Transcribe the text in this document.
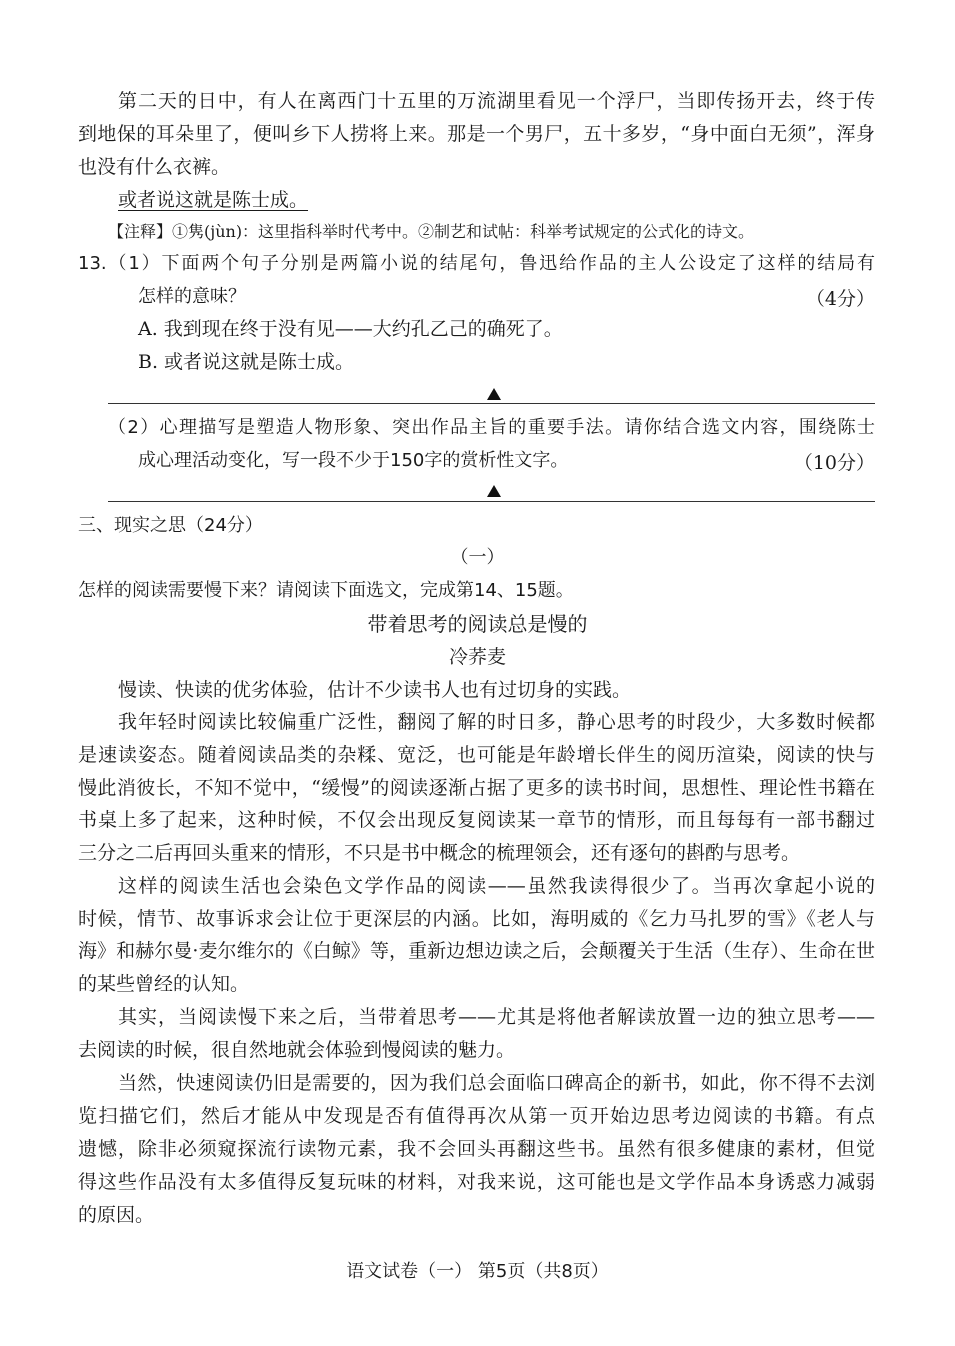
第二天的日中，有人在离西门十五里的万流湖里看见一个浮尸，当即传扬开去，终于传
到地保的耳朵里了，便叫乡下人捞将上来。那是一个男尸，五十多岁，“身中面白无须”，浑身
也没有什么衣裤。
或者说这就是陈士成。
【注释】①隽(jùn)：这里指科举时代考中。②制艺和试帖：科举考试规定的公式化的诗文。
13.（1）下面两个句子分别是两篇小说的结尾句，鲁迅给作品的主人公设定了这样的结局有
怎样的意味？	（4分）
A. 我到现在终于没有见——大约孔乙己的确死了。
B. 或者说这就是陈士成。
（2）心理描写是塑造人物形象、突出作品主旨的重要手法。请你结合选文内容，围绕陈士
成心理活动变化，写一段不少于150字的赏析性文字。	（10分）
三、现实之思（24分）
（一）
怎样的阅读需要慢下来？请阅读下面选文，完成第14、15题。
带着思考的阅读总是慢的
冷荞麦
慢读、快读的优劣体验，估计不少读书人也有过切身的实践。
我年轻时阅读比较偏重广泛性，翻阅了解的时日多，静心思考的时段少，大多数时候都
是速读姿态。随着阅读品类的杂糅、宽泛，也可能是年龄增长伴生的阅历渲染，阅读的快与
慢此消彼长，不知不觉中，“缓慢”的阅读逐渐占据了更多的读书时间，思想性、理论性书籍在
书桌上多了起来，这种时候，不仅会出现反复阅读某一章节的情形，而且每每有一部书翻过
三分之二后再回头重来的情形，不只是书中概念的梳理领会，还有逐句的斟酌与思考。
这样的阅读生活也会染色文学作品的阅读——虽然我读得很少了。当再次拿起小说的
时候，情节、故事诉求会让位于更深层的内涵。比如，海明威的《乞力马扎罗的雪》《老人与
海》和赫尔曼·麦尔维尔的《白鲸》等，重新边想边读之后，会颠覆关于生活（生存）、生命在世
的某些曾经的认知。
其实，当阅读慢下来之后，当带着思考——尤其是将他者解读放置一边的独立思考——
去阅读的时候，很自然地就会体验到慢阅读的魅力。
当然，快速阅读仍旧是需要的，因为我们总会面临口碑高企的新书，如此，你不得不去浏
览扫描它们，然后才能从中发现是否有值得再次从第一页开始边思考边阅读的书籍。有点
遗憾，除非必须窥探流行读物元素，我不会回头再翻这些书。虽然有很多健康的素材，但觉
得这些作品没有太多值得反复玩味的材料，对我来说，这可能也是文学作品本身诱惑力减弱
的原因。
语文试卷（一） 第5页（共8页）
